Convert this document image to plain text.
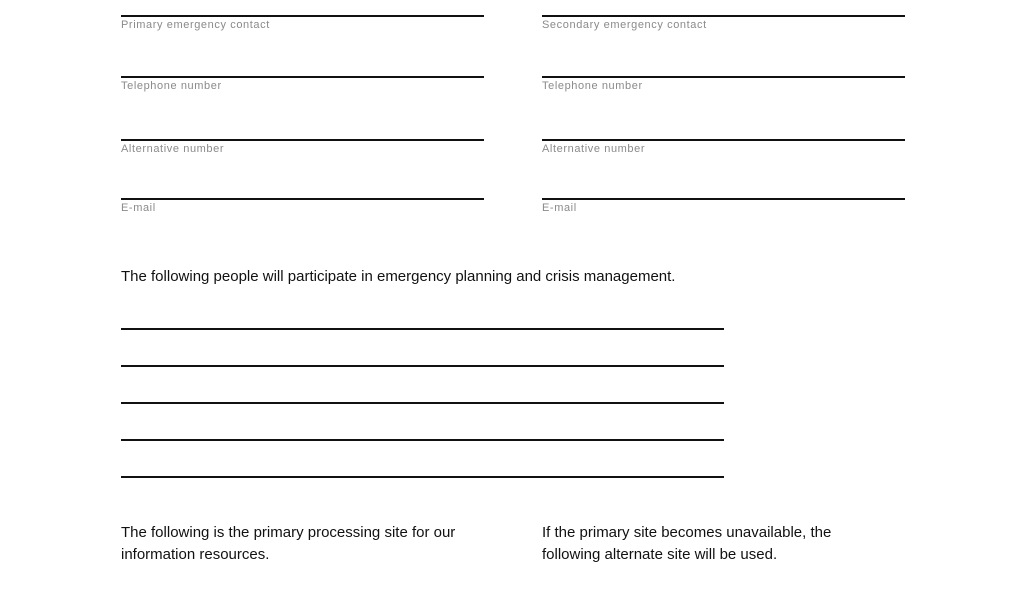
Primary emergency contact
Telephone number
Alternative number
E-mail
Secondary emergency contact
Telephone number
Alternative number
E-mail
The following people will participate in emergency planning and crisis management.
The following is the primary processing site for our information resources.
If the primary site becomes unavailable, the following alternate site will be used.
